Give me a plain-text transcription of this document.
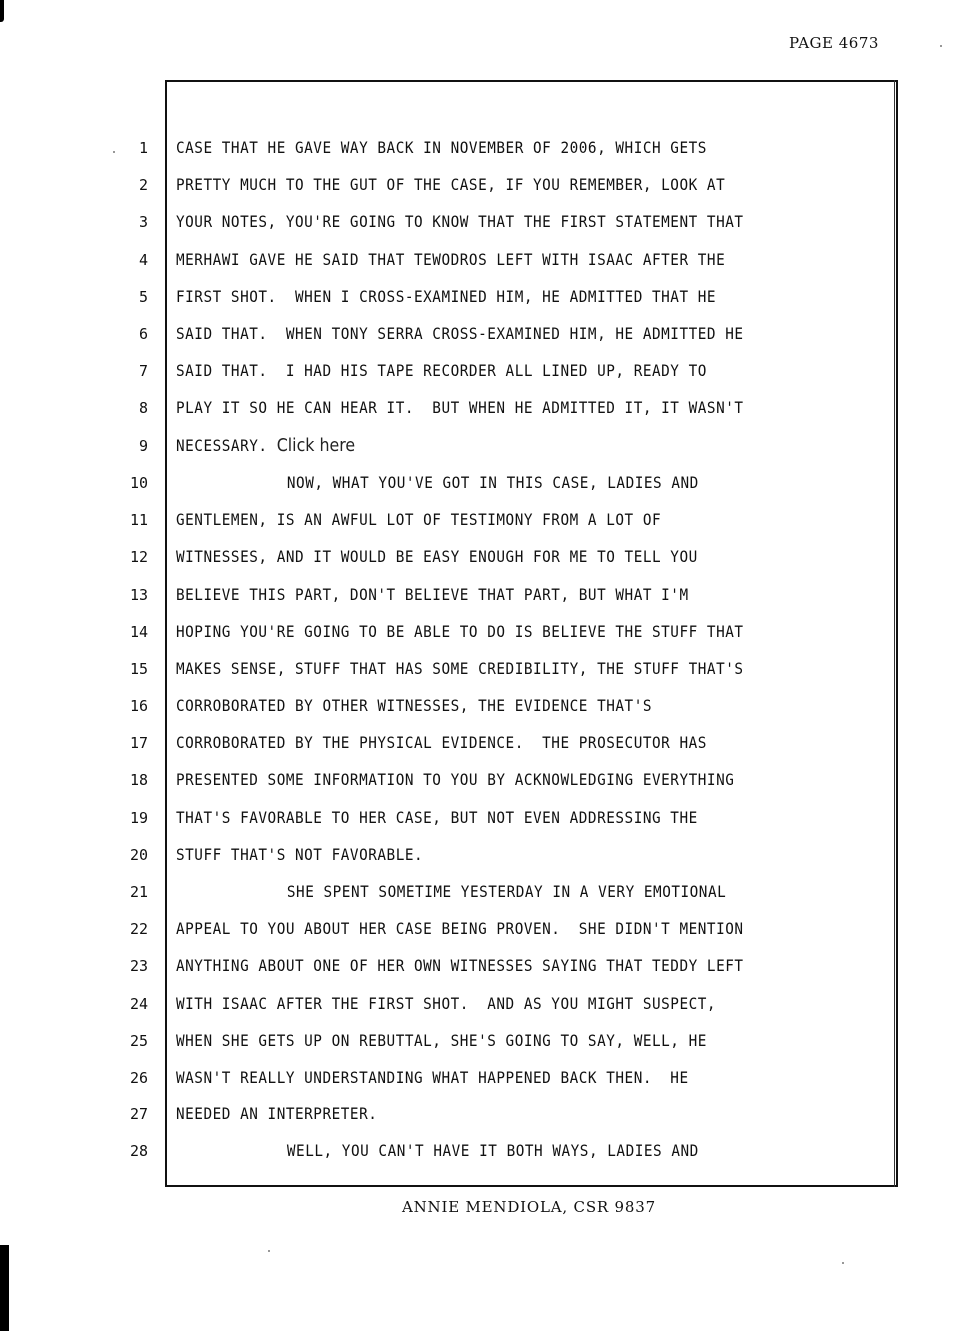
PAGE 4673
1 CASE THAT HE GAVE WAY BACK IN NOVEMBER OF 2006, WHICH GETS
2 PRETTY MUCH TO THE GUT OF THE CASE, IF YOU REMEMBER, LOOK AT
3 YOUR NOTES, YOU'RE GOING TO KNOW THAT THE FIRST STATEMENT THAT
4 MERHAWI GAVE HE SAID THAT TEWODROS LEFT WITH ISAAC AFTER THE
5 FIRST SHOT.  WHEN I CROSS-EXAMINED HIM, HE ADMITTED THAT HE
6 SAID THAT.  WHEN TONY SERRA CROSS-EXAMINED HIM, HE ADMITTED HE
7 SAID THAT.  I HAD HIS TAPE RECORDER ALL LINED UP, READY TO
8 PLAY IT SO HE CAN HEAR IT.  BUT WHEN HE ADMITTED IT, IT WASN'T
9 NECESSARY. Click here
10	NOW, WHAT YOU'VE GOT IN THIS CASE, LADIES AND
11 GENTLEMEN, IS AN AWFUL LOT OF TESTIMONY FROM A LOT OF
12 WITNESSES, AND IT WOULD BE EASY ENOUGH FOR ME TO TELL YOU
13 BELIEVE THIS PART, DON'T BELIEVE THAT PART, BUT WHAT I'M
14 HOPING YOU'RE GOING TO BE ABLE TO DO IS BELIEVE THE STUFF THAT
15 MAKES SENSE, STUFF THAT HAS SOME CREDIBILITY, THE STUFF THAT'S
16 CORROBORATED BY OTHER WITNESSES, THE EVIDENCE THAT'S
17 CORROBORATED BY THE PHYSICAL EVIDENCE.  THE PROSECUTOR HAS
18 PRESENTED SOME INFORMATION TO YOU BY ACKNOWLEDGING EVERYTHING
19 THAT'S FAVORABLE TO HER CASE, BUT NOT EVEN ADDRESSING THE
20 STUFF THAT'S NOT FAVORABLE.
21	SHE SPENT SOMETIME YESTERDAY IN A VERY EMOTIONAL
22 APPEAL TO YOU ABOUT HER CASE BEING PROVEN.  SHE DIDN'T MENTION
23 ANYTHING ABOUT ONE OF HER OWN WITNESSES SAYING THAT TEDDY LEFT
24 WITH ISAAC AFTER THE FIRST SHOT.  AND AS YOU MIGHT SUSPECT,
25 WHEN SHE GETS UP ON REBUTTAL, SHE'S GOING TO SAY, WELL, HE
26 WASN'T REALLY UNDERSTANDING WHAT HAPPENED BACK THEN.  HE
27 NEEDED AN INTERPRETER.
28	WELL, YOU CAN'T HAVE IT BOTH WAYS, LADIES AND
ANNIE MENDIOLA, CSR 9837
